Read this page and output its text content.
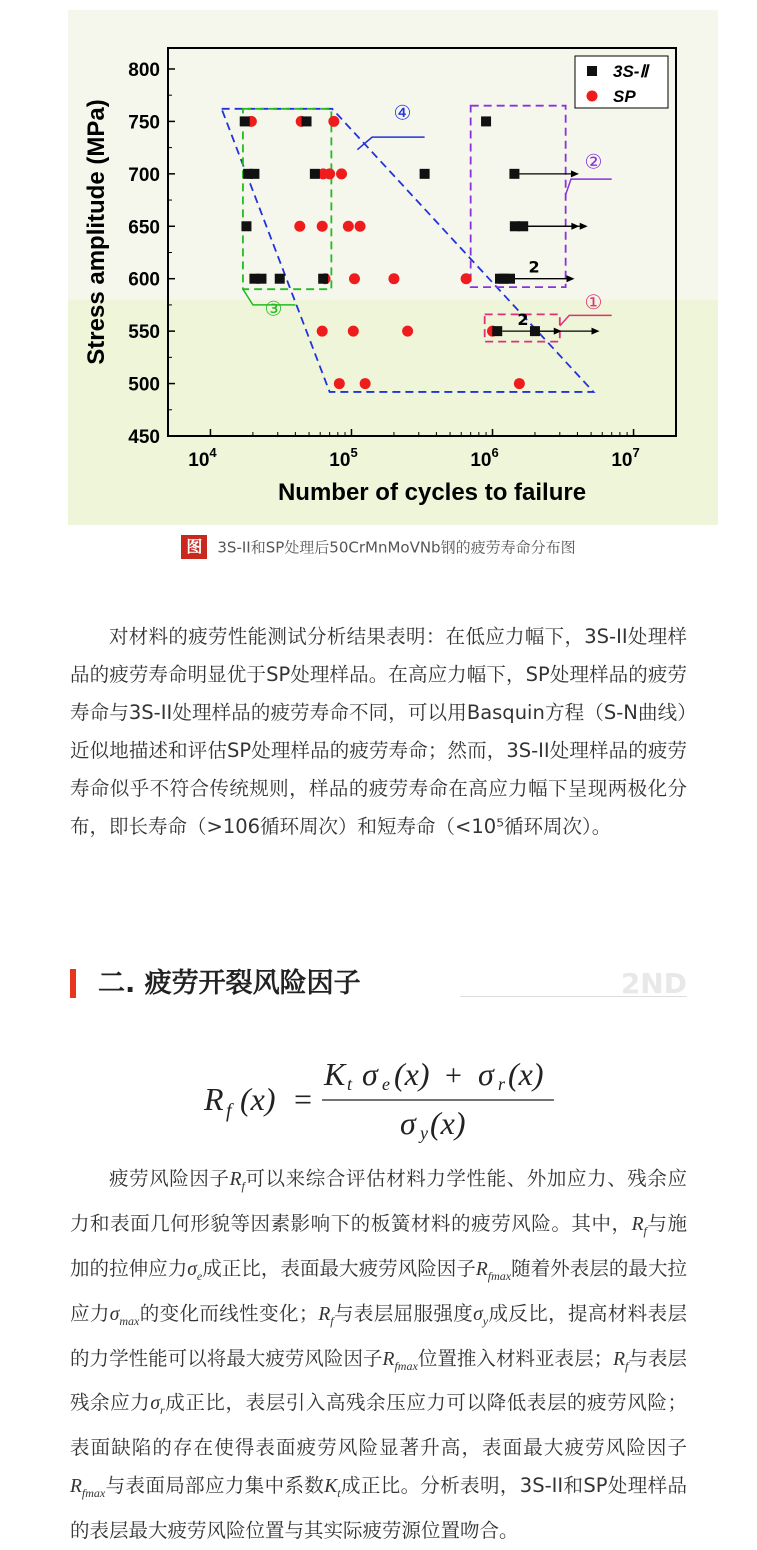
450
500
550
600
650
700
750
800
$10^4$	$10^5$	$10^6$	$10^7$
Number of cycles to failure
Stress amplitude (MPa)	④
②
①
③
2
2
3S-Ⅱ
SP
图 3S-II和SP处理后50CrMnMoVNb钢的疲劳寿命分布图

对材料的疲劳性能测试分析结果表明：在低应力幅下，3S-II处理样品的疲劳寿命明显优于SP处理样品。在高应力幅下，SP处理样品的疲劳寿命与3S-II处理样品的疲劳寿命不同，可以用Basquin方程（S-N曲线）近似地描述和评估SP处理样品的疲劳寿命；然而，3S-II处理样品的疲劳寿命似乎不符合传统规则，样品的疲劳寿命在高应力幅下呈现两极化分布，即长寿命（>106循环周次）和短寿命（<10⁵循环周次）。

二. 疲劳开裂风险因子	2ND
R f (x) =
K t σ e (x) + σ r (x)
σ y (x)

疲劳风险因子$R_f$可以来综合评估材料力学性能、外加应力、残余应力和表面几何形貌等因素影响下的板簧材料的疲劳风险。其中，$R_f$与施加的拉伸应力$\sigma_e$成正比，表面最大疲劳风险因子$R_{fmax}$随着外表层的最大拉应力$\sigma_{max}$的变化而线性变化；$R_f$与表层屈服强度$\sigma_y$成反比，提高材料表层的力学性能可以将最大疲劳风险因子$R_{fmax}$位置推入材料亚表层；$R_f$与表层残余应力$\sigma_r$成正比，表层引入高残余压应力可以降低表层的疲劳风险；表面缺陷的存在使得表面疲劳风险显著升高，表面最大疲劳风险因子$R_{fmax}$与表面局部应力集中系数$K_t$成正比。分析表明，3S-II和SP处理样品的表层最大疲劳风险位置与其实际疲劳源位置吻合。
